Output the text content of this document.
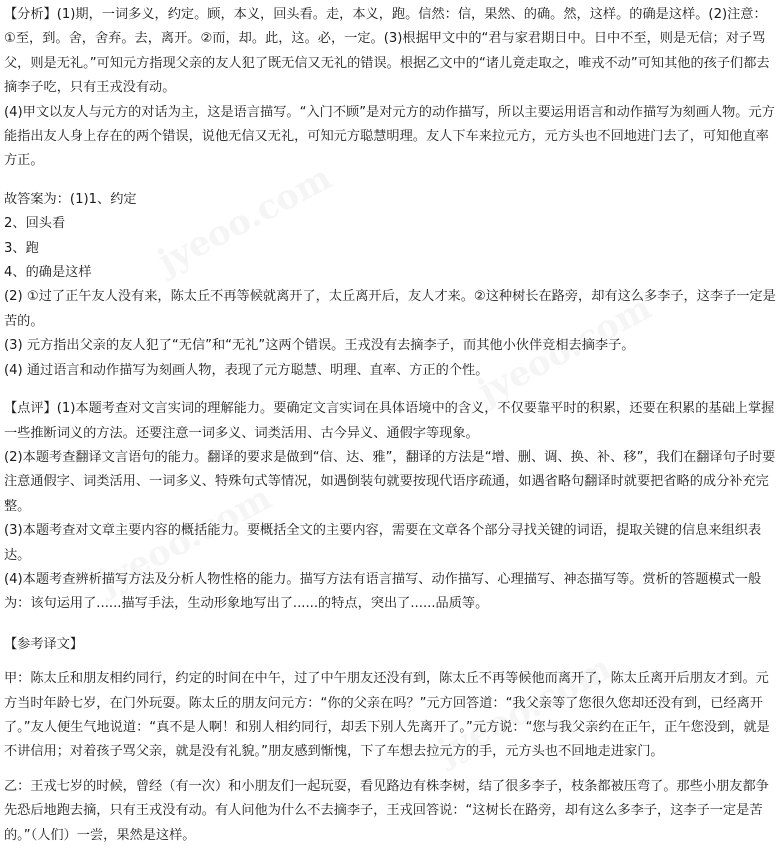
jyeoo.com
jyeoo.com
jyeoo.com
jyeoo.com

【分析】(1)期，一词多义，约定。顾，本义，回头看。走，本义，跑。信然：信，果然、的确。然，这样。的确是这样。(2)注意：①至，到。舍，舍弃。去，离开。②而，却。此，这。必，一定。(3)根据甲文中的“君与家君期日中。日中不至，则是无信；对子骂父，则是无礼。”可知元方指现父亲的友人犯了既无信又无礼的错误。根据乙文中的“诸儿竟走取之，唯戎不动”可知其他的孩子们都去摘李子吃，只有王戎没有动。

(4)甲文以友人与元方的对话为主，这是语言描写。“入门不顾”是对元方的动作描写，所以主要运用语言和动作描写为刻画人物。元方能指出友人身上存在的两个错误，说他无信又无礼，可知元方聪慧明理。友人下车来拉元方，元方头也不回地进门去了，可知他直率方正。

故答案为：(1)1、约定

2、回头看

3、跑

4、的确是这样

(2) ①过了正午友人没有来，陈太丘不再等候就离开了，太丘离开后，友人才来。②这种树长在路旁，却有这么多李子，这李子一定是苦的。

(3) 元方指出父亲的友人犯了“无信”和“无礼”这两个错误。王戎没有去摘李子，而其他小伙伴竞相去摘李子。

(4) 通过语言和动作描写为刻画人物，表现了元方聪慧、明理、直率、方正的个性。

【点评】(1)本题考查对文言实词的理解能力。要确定文言实词在具体语境中的含义，不仅要靠平时的积累，还要在积累的基础上掌握一些推断词义的方法。还要注意一词多义、词类活用、古今异义、通假字等现象。

(2)本题考查翻译文言语句的能力。翻译的要求是做到“信、达、雅”，翻译的方法是“增、删、调、换、补、移”，我们在翻译句子时要注意通假字、词类活用、一词多义、特殊句式等情况，如遇倒装句就要按现代语序疏通，如遇省略句翻译时就要把省略的成分补充完整。

(3)本题考查对文章主要内容的概括能力。要概括全文的主要内容，需要在文章各个部分寻找关键的词语，提取关键的信息来组织表达。

(4)本题考查辨析描写方法及分析人物性格的能力。描写方法有语言描写、动作描写、心理描写、神态描写等。赏析的答题模式一般为：该句运用了......描写手法，生动形象地写出了......的特点，突出了......品质等。

【参考译文】

甲：陈太丘和朋友相约同行，约定的时间在中午，过了中午朋友还没有到，陈太丘不再等候他而离开了，陈太丘离开后朋友才到。元方当时年龄七岁，在门外玩耍。陈太丘的朋友问元方：“你的父亲在吗？”元方回答道：“我父亲等了您很久您却还没有到，已经离开了。”友人便生气地说道：“真不是人啊！和别人相约同行，却丢下别人先离开了。”元方说：“您与我父亲约在正午，正午您没到，就是不讲信用；对着孩子骂父亲，就是没有礼貌。”朋友感到惭愧，下了车想去拉元方的手，元方头也不回地走进家门。

乙：王戎七岁的时候，曾经（有一次）和小朋友们一起玩耍，看见路边有株李树，结了很多李子，枝条都被压弯了。那些小朋友都争先恐后地跑去摘，只有王戎没有动。有人问他为什么不去摘李子，王戎回答说：“这树长在路旁，却有这么多李子，这李子一定是苦的。”（人们）一尝，果然是这样。
